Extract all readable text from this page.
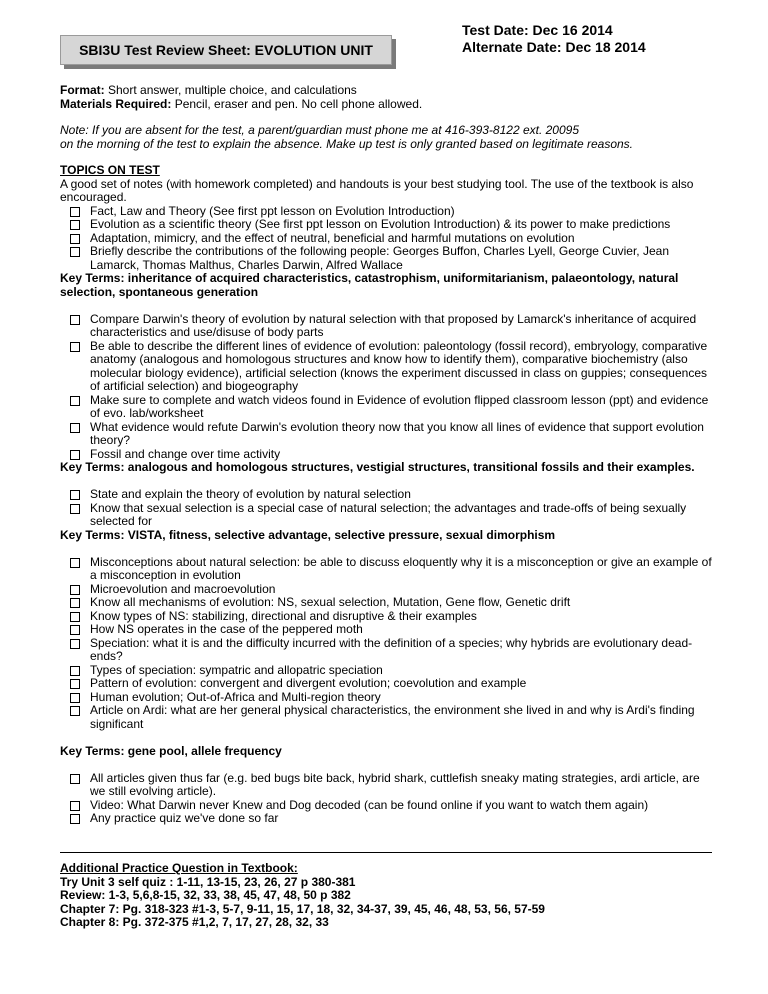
SBI3U Test Review Sheet: EVOLUTION UNIT
Test Date: Dec 16 2014
Alternate Date: Dec 18 2014

Format: Short answer, multiple choice, and calculations

Materials Required: Pencil, eraser and pen. No cell phone allowed.

Note: If you are absent for the test, a parent/guardian must phone me at 416-393-8122 ext. 20095

on the morning of the test to explain the absence. Make up test is only granted based on legitimate reasons.

TOPICS ON TEST

A good set of notes (with homework completed) and handouts is your best studying tool. The use of the textbook is also encouraged.

Fact, Law and Theory (See first ppt lesson on Evolution Introduction)
Evolution as a scientific theory (See first ppt lesson on Evolution Introduction) & its power to make predictions
Adaptation, mimicry, and the effect of neutral, beneficial and harmful mutations on evolution
Briefly describe the contributions of the following people: Georges Buffon, Charles Lyell, George Cuvier, Jean Lamarck, Thomas Malthus, Charles Darwin, Alfred Wallace

Key Terms: inheritance of acquired characteristics, catastrophism, uniformitarianism, palaeontology, natural selection, spontaneous generation

Compare Darwin's theory of evolution by natural selection with that proposed by Lamarck's inheritance of acquired characteristics and use/disuse of body parts
Be able to describe the different lines of evidence of evolution: paleontology (fossil record), embryology, comparative anatomy (analogous and homologous structures and know how to identify them), comparative biochemistry (also molecular biology evidence), artificial selection (knows the experiment discussed in class on guppies; consequences of artificial selection) and biogeography
Make sure to complete and watch videos found in Evidence of evolution flipped classroom lesson (ppt) and evidence of evo. lab/worksheet
What evidence would refute Darwin's evolution theory now that you know all lines of evidence that support evolution theory?
Fossil and change over time activity

Key Terms: analogous and homologous structures, vestigial structures, transitional fossils and their examples.

State and explain the theory of evolution by natural selection
Know that sexual selection is a special case of natural selection; the advantages and trade-offs of being sexually selected for

Key Terms: VISTA, fitness, selective advantage, selective pressure, sexual dimorphism

Misconceptions about natural selection: be able to discuss eloquently why it is a misconception or give an example of a misconception in evolution
Microevolution and macroevolution
Know all mechanisms of evolution: NS, sexual selection, Mutation, Gene flow, Genetic drift
Know types of NS: stabilizing, directional and disruptive & their examples
How NS operates in the case of the peppered moth
Speciation: what it is and the difficulty incurred with the definition of a species; why hybrids are evolutionary dead-ends?
Types of speciation: sympatric and allopatric speciation
Pattern of evolution: convergent and divergent evolution; coevolution and example
Human evolution; Out-of-Africa and Multi-region theory
Article on Ardi: what are her general physical characteristics, the environment she lived in and why is Ardi's finding significant

Key Terms: gene pool, allele frequency

All articles given thus far (e.g. bed bugs bite back, hybrid shark, cuttlefish sneaky mating strategies, ardi article, are we still evolving article).
Video: What Darwin never Knew and Dog decoded (can be found online if you want to watch them again)
Any practice quiz we've done so far

Additional Practice Question in Textbook:

Try Unit 3 self quiz : 1-11, 13-15, 23, 26, 27 p 380-381

Review: 1-3, 5,6,8-15, 32, 33, 38, 45, 47, 48, 50 p 382

Chapter 7: Pg. 318-323 #1-3, 5-7, 9-11, 15, 17, 18, 32, 34-37, 39, 45, 46, 48, 53, 56, 57-59

Chapter 8: Pg. 372-375 #1,2, 7, 17, 27, 28, 32, 33
